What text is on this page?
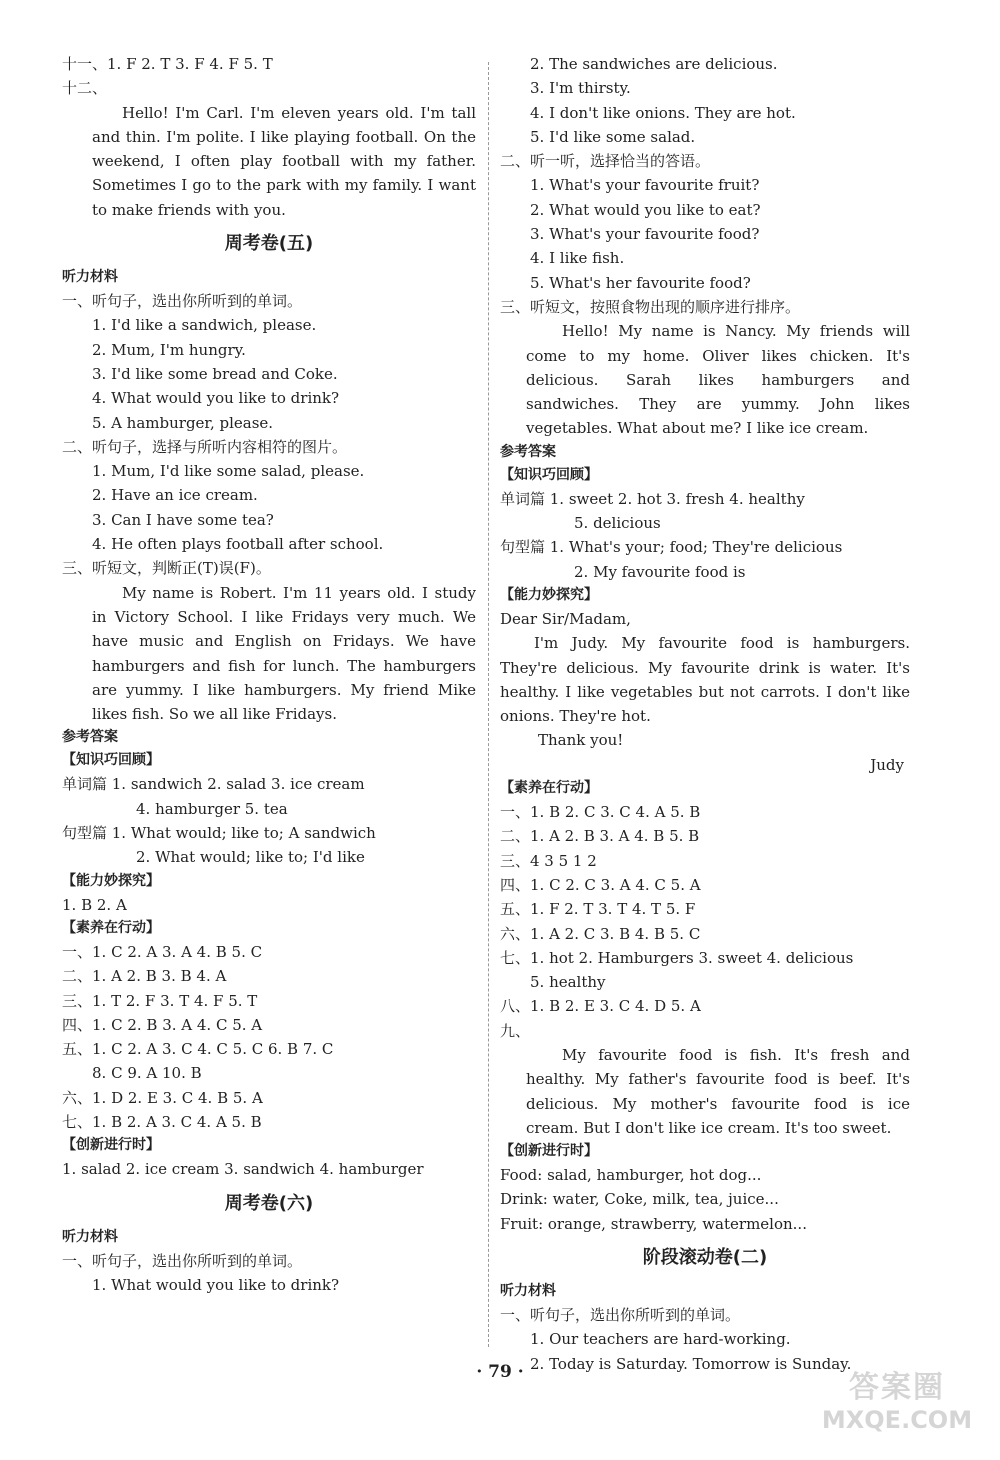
十一、1. F 2. T 3. F 4. F 5. T
十二、
Hello! I'm Carl. I'm eleven years old. I'm tall and thin. I'm polite. I like playing football. On the weekend, I often play football with my father. Sometimes I go to the park with my family. I want to make friends with you.
周考卷(五)
听力材料
一、听句子，选出你所听到的单词。
1. I'd like a sandwich, please.
2. Mum, I'm hungry.
3. I'd like some bread and Coke.
4. What would you like to drink?
5. A hamburger, please.
二、听句子，选择与所听内容相符的图片。
1. Mum, I'd like some salad, please.
2. Have an ice cream.
3. Can I have some tea?
4. He often plays football after school.
三、听短文，判断正(T)误(F)。
My name is Robert. I'm 11 years old. I study in Victory School. I like Fridays very much. We have music and English on Fridays. We have hamburgers and fish for lunch. The hamburgers are yummy. I like hamburgers. My friend Mike likes fish. So we all like Fridays.
参考答案
【知识巧回顾】
单词篇 1. sandwich 2. salad 3. ice cream
4. hamburger 5. tea
句型篇 1. What would; like to; A sandwich
2. What would; like to; I'd like
【能力妙探究】
1. B 2. A
【素养在行动】
一、1. C 2. A 3. A 4. B 5. C
二、1. A 2. B 3. B 4. A
三、1. T 2. F 3. T 4. F 5. T
四、1. C 2. B 3. A 4. C 5. A
五、1. C 2. A 3. C 4. C 5. C 6. B 7. C
8. C 9. A 10. B
六、1. D 2. E 3. C 4. B 5. A
七、1. B 2. A 3. C 4. A 5. B
【创新进行时】
1. salad 2. ice cream 3. sandwich 4. hamburger
周考卷(六)
听力材料
一、听句子，选出你所听到的单词。
1. What would you like to drink?
2. The sandwiches are delicious.
3. I'm thirsty.
4. I don't like onions. They are hot.
5. I'd like some salad.
二、听一听，选择恰当的答语。
1. What's your favourite fruit?
2. What would you like to eat?
3. What's your favourite food?
4. I like fish.
5. What's her favourite food?
三、听短文，按照食物出现的顺序进行排序。
Hello! My name is Nancy. My friends will come to my home. Oliver likes chicken. It's delicious. Sarah likes hamburgers and sandwiches. They are yummy. John likes vegetables. What about me? I like ice cream.
参考答案
【知识巧回顾】
单词篇 1. sweet 2. hot 3. fresh 4. healthy
5. delicious
句型篇 1. What's your; food; They're delicious
2. My favourite food is
【能力妙探究】
Dear Sir/Madam,
I'm Judy. My favourite food is hamburgers. They're delicious. My favourite drink is water. It's healthy. I like vegetables but not carrots. I don't like onions. They're hot.
Thank you!
Judy
【素养在行动】
一、1. B 2. C 3. C 4. A 5. B
二、1. A 2. B 3. A 4. B 5. B
三、4 3 5 1 2
四、1. C 2. C 3. A 4. C 5. A
五、1. F 2. T 3. T 4. T 5. F
六、1. A 2. C 3. B 4. B 5. C
七、1. hot 2. Hamburgers 3. sweet 4. delicious
5. healthy
八、1. B 2. E 3. C 4. D 5. A
九、
My favourite food is fish. It's fresh and healthy. My father's favourite food is beef. It's delicious. My mother's favourite food is ice cream. But I don't like ice cream. It's too sweet.
【创新进行时】
Food: salad, hamburger, hot dog...
Drink: water, Coke, milk, tea, juice...
Fruit: orange, strawberry, watermelon...
阶段滚动卷(二)
听力材料
一、听句子，选出你所听到的单词。
1. Our teachers are hard-working.
2. Today is Saturday. Tomorrow is Sunday.
· 79 ·	答案圈
MXQE.COM
